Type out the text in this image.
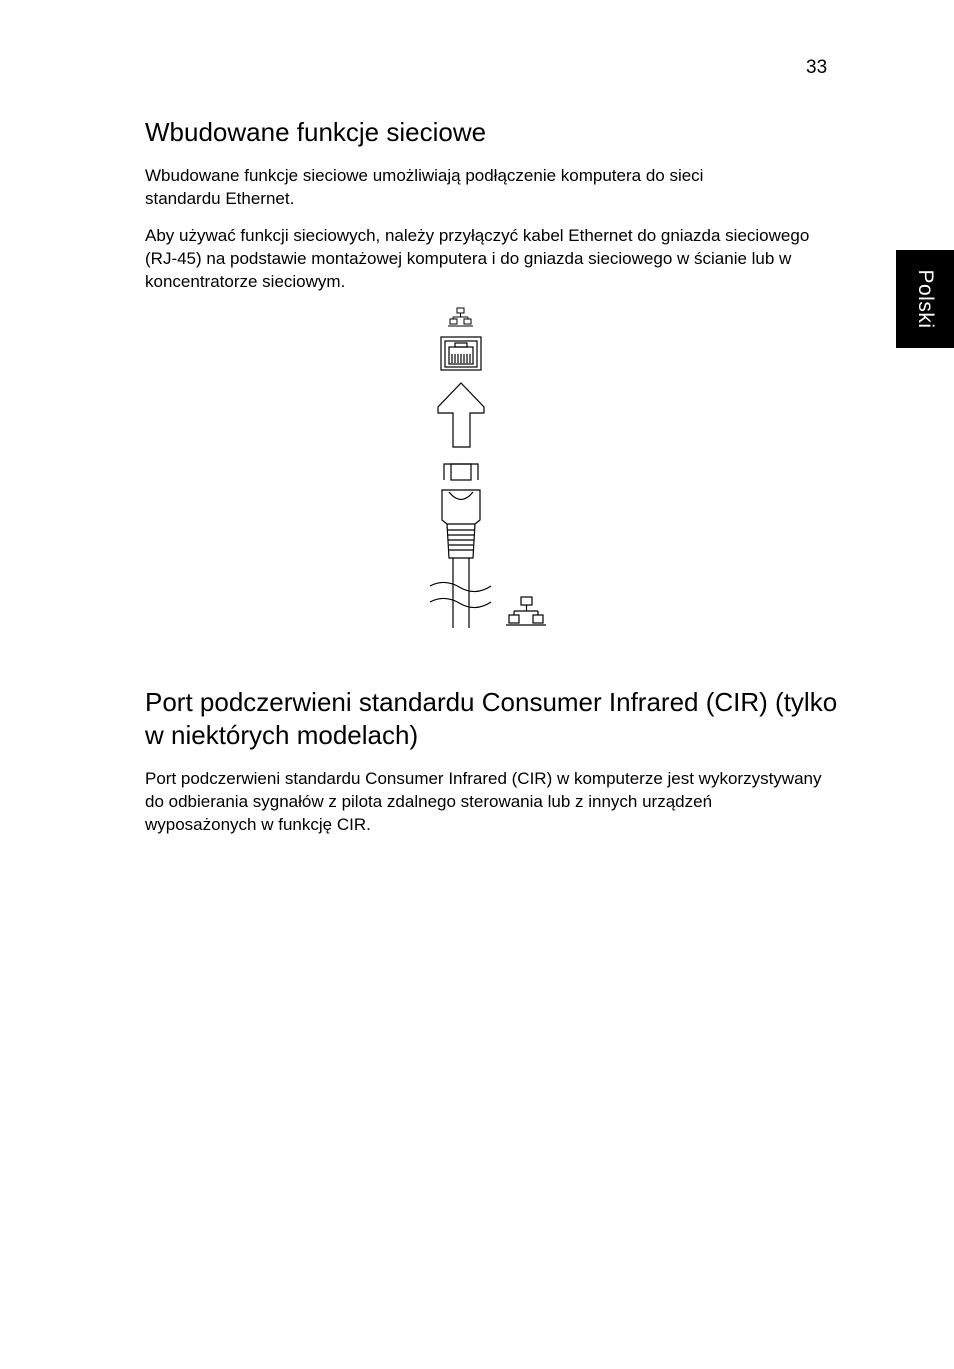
33
Polski
Wbudowane funkcje sieciowe

Wbudowane funkcje sieciowe umożliwiają podłączenie komputera do sieci standardu Ethernet.

Aby używać funkcji sieciowych, należy przyłączyć kabel Ethernet do gniazda sieciowego (RJ-45) na podstawie montażowej komputera i do gniazda sieciowego w ścianie lub w koncentratorze sieciowym.

Port podczerwieni standardu Consumer Infrared (CIR) (tylko w niektórych modelach)

Port podczerwieni standardu Consumer Infrared (CIR) w komputerze jest wykorzystywany do odbierania sygnałów z pilota zdalnego sterowania lub z innych urządzeń wyposażonych w funkcję CIR.
